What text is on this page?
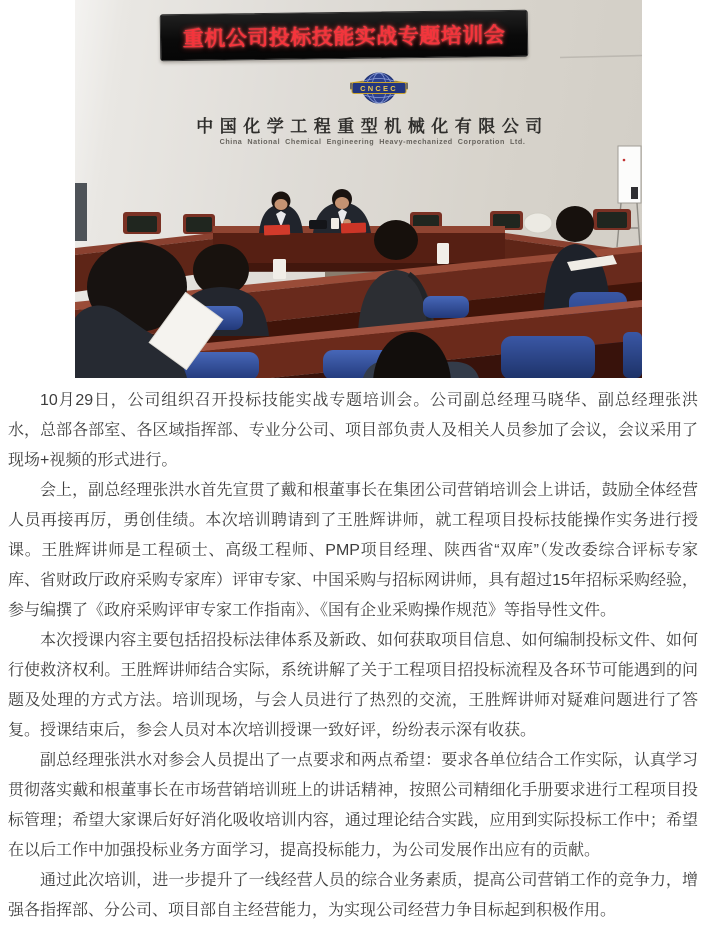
重机公司投标技能实战专题培训会
CNCEC
中国化学工程重型机械化有限公司
China National Chemical Engineering Heavy-mechanized Corporation Ltd.

10月29日，公司组织召开投标技能实战专题培训会。公司副总经理马晓华、副总经理张洪水，总部各部室、各区域指挥部、专业分公司、项目部负责人及相关人员参加了会议，会议采用了现场+视频的形式进行。

会上，副总经理张洪水首先宣贯了戴和根董事长在集团公司营销培训会上讲话，鼓励全体经营人员再接再厉，勇创佳绩。本次培训聘请到了王胜辉讲师，就工程项目投标技能操作实务进行授课。王胜辉讲师是工程硕士、高级工程师、PMP项目经理、陕西省“双库”（发改委综合评标专家库、省财政厅政府采购专家库）评审专家、中国采购与招标网讲师，具有超过15年招标采购经验，参与编撰了《政府采购评审专家工作指南》、《国有企业采购操作规范》等指导性文件。

本次授课内容主要包括招投标法律体系及新政、如何获取项目信息、如何编制投标文件、如何行使救济权利。王胜辉讲师结合实际，系统讲解了关于工程项目招投标流程及各环节可能遇到的问题及处理的方式方法。培训现场，与会人员进行了热烈的交流，王胜辉讲师对疑难问题进行了答复。授课结束后，参会人员对本次培训授课一致好评，纷纷表示深有收获。

副总经理张洪水对参会人员提出了一点要求和两点希望：要求各单位结合工作实际，认真学习贯彻落实戴和根董事长在市场营销培训班上的讲话精神，按照公司精细化手册要求进行工程项目投标管理；希望大家课后好好消化吸收培训内容，通过理论结合实践，应用到实际投标工作中；希望在以后工作中加强投标业务方面学习，提高投标能力，为公司发展作出应有的贡献。

通过此次培训，进一步提升了一线经营人员的综合业务素质，提高公司营销工作的竞争力，增强各指挥部、分公司、项目部自主经营能力，为实现公司经营力争目标起到积极作用。
